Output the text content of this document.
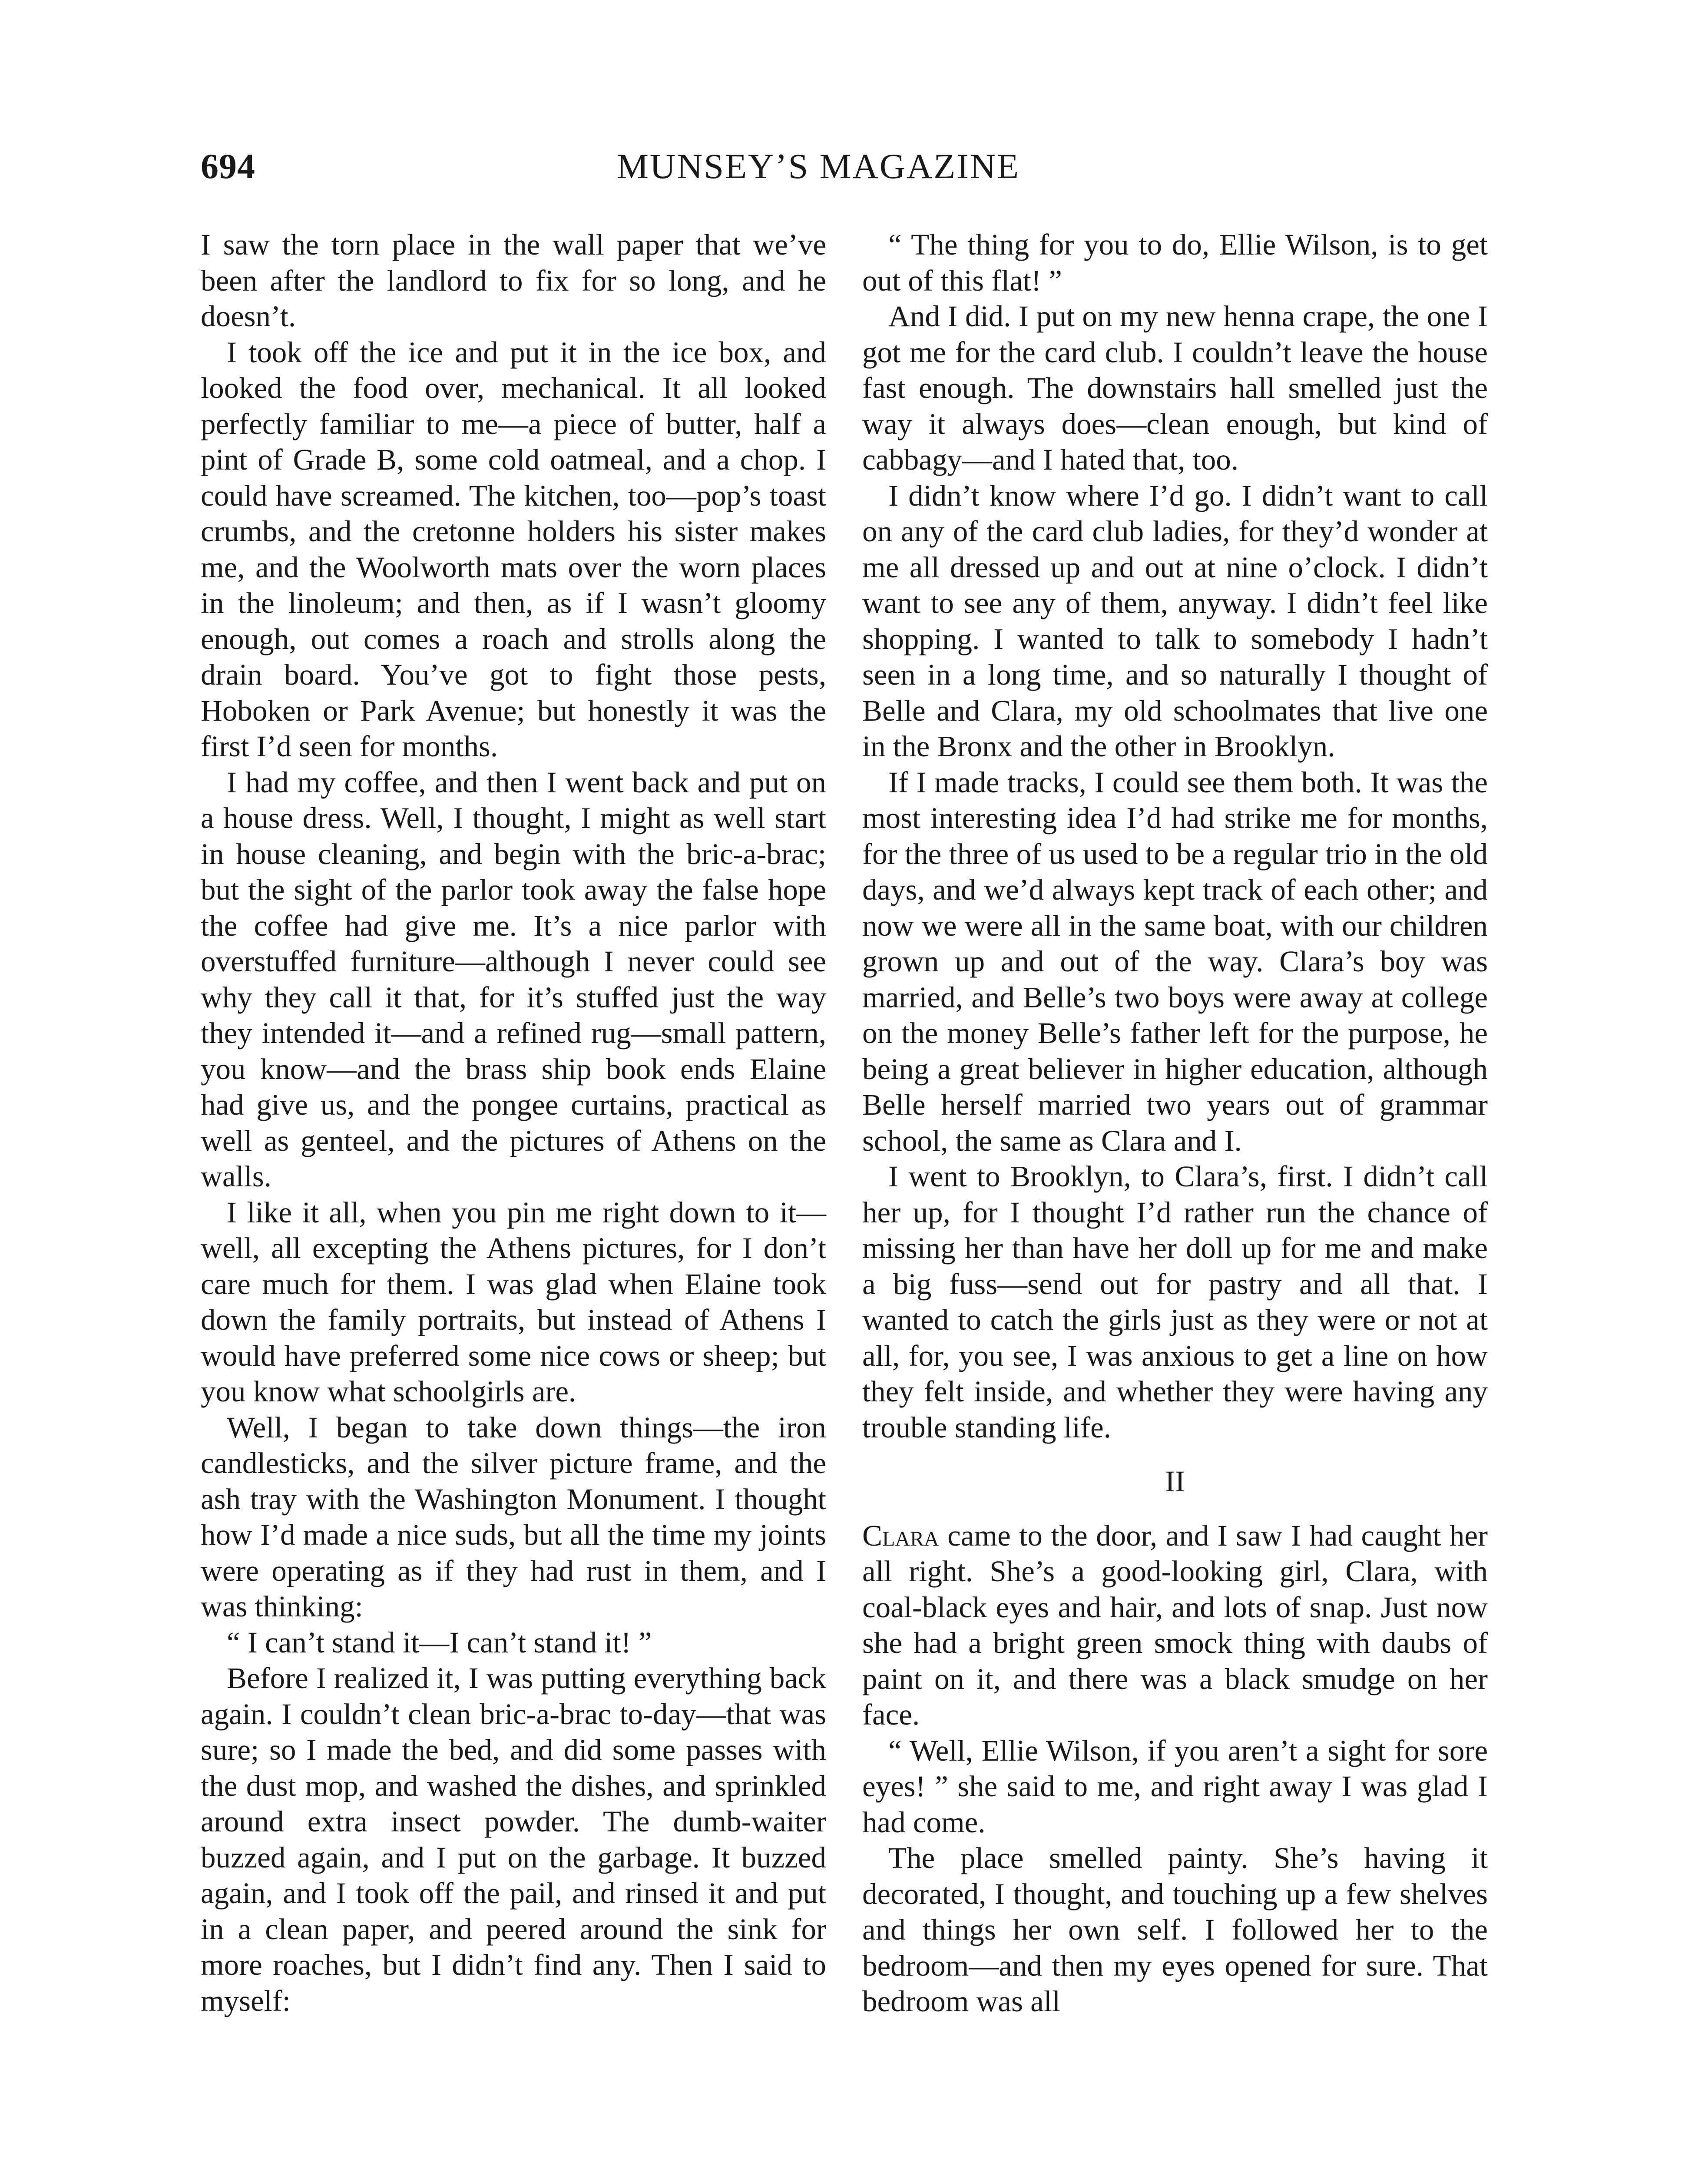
694	MUNSEY’S MAGAZINE

I saw the torn place in the wall paper that we’ve been after the landlord to fix for so long, and he doesn’t.

I took off the ice and put it in the ice box, and looked the food over, mechanical. It all looked perfectly familiar to me—a piece of butter, half a pint of Grade B, some cold oatmeal, and a chop. I could have screamed. The kitchen, too—pop’s toast crumbs, and the cretonne holders his sister makes me, and the Woolworth mats over the worn places in the linoleum; and then, as if I wasn’t gloomy enough, out comes a roach and strolls along the drain board. You’ve got to fight those pests, Hoboken or Park Avenue; but honestly it was the first I’d seen for months.

I had my coffee, and then I went back and put on a house dress. Well, I thought, I might as well start in house cleaning, and begin with the bric-a-brac; but the sight of the parlor took away the false hope the coffee had give me. It’s a nice parlor with overstuffed furniture—although I never could see why they call it that, for it’s stuffed just the way they intended it—and a refined rug—small pattern, you know—and the brass ship book ends Elaine had give us, and the pongee curtains, practical as well as genteel, and the pictures of Athens on the walls.

I like it all, when you pin me right down to it—well, all excepting the Athens pictures, for I don’t care much for them. I was glad when Elaine took down the family portraits, but instead of Athens I would have preferred some nice cows or sheep; but you know what schoolgirls are.

Well, I began to take down things—the iron candlesticks, and the silver picture frame, and the ash tray with the Washington Monument. I thought how I’d made a nice suds, but all the time my joints were operating as if they had rust in them, and I was thinking:

“ I can’t stand it—I can’t stand it! ”

Before I realized it, I was putting everything back again. I couldn’t clean bric-a-brac to-day—that was sure; so I made the bed, and did some passes with the dust mop, and washed the dishes, and sprinkled around extra insect powder. The dumb-waiter buzzed again, and I put on the garbage. It buzzed again, and I took off the pail, and rinsed it and put in a clean paper, and peered around the sink for more roaches, but I didn’t find any. Then I said to myself:

“ The thing for you to do, Ellie Wilson, is to get out of this flat! ”

And I did. I put on my new henna crape, the one I got me for the card club. I couldn’t leave the house fast enough. The downstairs hall smelled just the way it always does—clean enough, but kind of cabbagy—and I hated that, too.

I didn’t know where I’d go. I didn’t want to call on any of the card club ladies, for they’d wonder at me all dressed up and out at nine o’clock. I didn’t want to see any of them, anyway. I didn’t feel like shopping. I wanted to talk to somebody I hadn’t seen in a long time, and so naturally I thought of Belle and Clara, my old schoolmates that live one in the Bronx and the other in Brooklyn.

If I made tracks, I could see them both. It was the most interesting idea I’d had strike me for months, for the three of us used to be a regular trio in the old days, and we’d always kept track of each other; and now we were all in the same boat, with our children grown up and out of the way. Clara’s boy was married, and Belle’s two boys were away at college on the money Belle’s father left for the purpose, he being a great believer in higher education, although Belle herself married two years out of grammar school, the same as Clara and I.

I went to Brooklyn, to Clara’s, first. I didn’t call her up, for I thought I’d rather run the chance of missing her than have her doll up for me and make a big fuss—send out for pastry and all that. I wanted to catch the girls just as they were or not at all, for, you see, I was anxious to get a line on how they felt inside, and whether they were having any trouble standing life.

II

Clara came to the door, and I saw I had caught her all right. She’s a good-looking girl, Clara, with coal-black eyes and hair, and lots of snap. Just now she had a bright green smock thing with daubs of paint on it, and there was a black smudge on her face.

“ Well, Ellie Wilson, if you aren’t a sight for sore eyes! ” she said to me, and right away I was glad I had come.

The place smelled painty. She’s having it decorated, I thought, and touching up a few shelves and things her own self. I followed her to the bedroom—and then my eyes opened for sure. That bedroom was all
